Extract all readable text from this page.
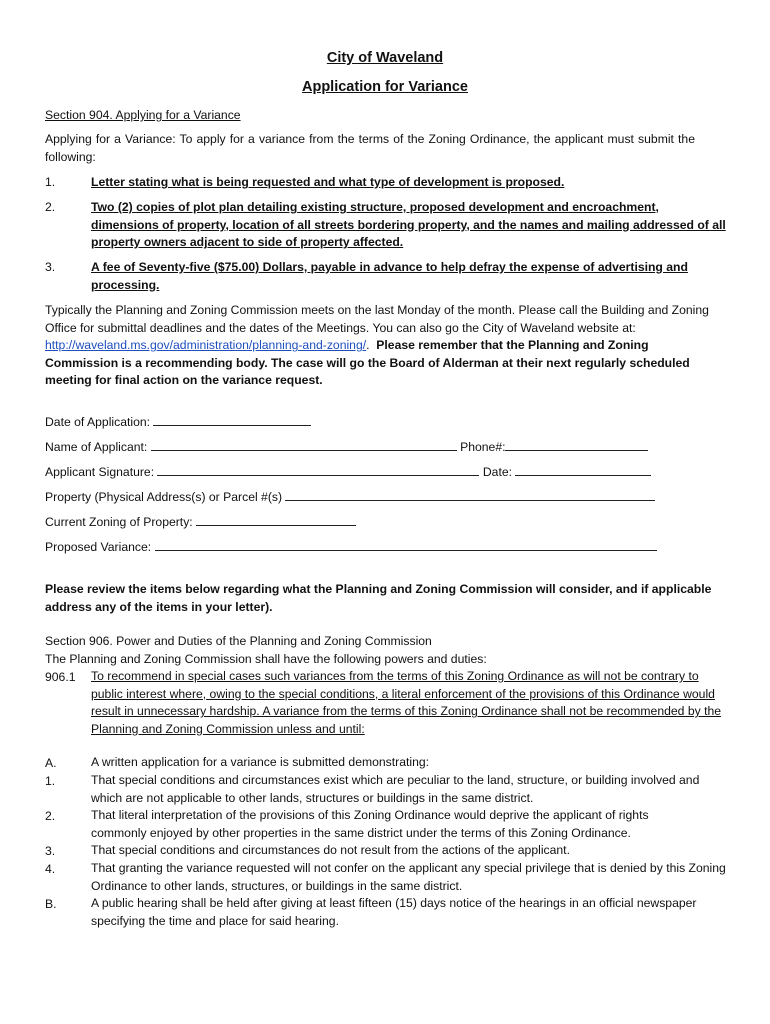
City of Waveland
Application for Variance
Section 904. Applying for a Variance
Applying for a Variance: To apply for a variance from the terms of the Zoning Ordinance, the applicant must submit the following:
1.	Letter stating what is being requested and what type of development is proposed.
2.	Two (2) copies of plot plan detailing existing structure, proposed development and encroachment, dimensions of property, location of all streets bordering property, and the names and mailing addressed of all property owners adjacent to side of property affected.
3.	A fee of Seventy-five ($75.00) Dollars, payable in advance to help defray the expense of advertising and processing.
Typically the Planning and Zoning Commission meets on the last Monday of the month. Please call the Building and Zoning Office for submittal deadlines and the dates of the Meetings. You can also go the City of Waveland website at: http://waveland.ms.gov/administration/planning-and-zoning/. Please remember that the Planning and Zoning Commission is a recommending body. The case will go the Board of Alderman at their next regularly scheduled meeting for final action on the variance request.
Date of Application:
Name of Applicant:	Phone#:
Applicant Signature:	Date:
Property (Physical Address(s) or Parcel #(s)
Current Zoning of Property:
Proposed Variance:
Please review the items below regarding what the Planning and Zoning Commission will consider, and if applicable address any of the items in your letter).
Section 906. Power and Duties of the Planning and Zoning Commission
The Planning and Zoning Commission shall have the following powers and duties:
906.1 To recommend in special cases such variances from the terms of this Zoning Ordinance as will not be contrary to public interest where, owing to the special conditions, a literal enforcement of the provisions of this Ordinance would result in unnecessary hardship. A variance from the terms of this Zoning Ordinance shall not be recommended by the Planning and Zoning Commission unless and until:
A.	A written application for a variance is submitted demonstrating:
1.	That special conditions and circumstances exist which are peculiar to the land, structure, or building involved and which are not applicable to other lands, structures or buildings in the same district.
2.	That literal interpretation of the provisions of this Zoning Ordinance would deprive the applicant of rights commonly enjoyed by other properties in the same district under the terms of this Zoning Ordinance.
3.	That special conditions and circumstances do not result from the actions of the applicant.
4.	That granting the variance requested will not confer on the applicant any special privilege that is denied by this Zoning Ordinance to other lands, structures, or buildings in the same district.
B.	A public hearing shall be held after giving at least fifteen (15) days notice of the hearings in an official newspaper specifying the time and place for said hearing.
